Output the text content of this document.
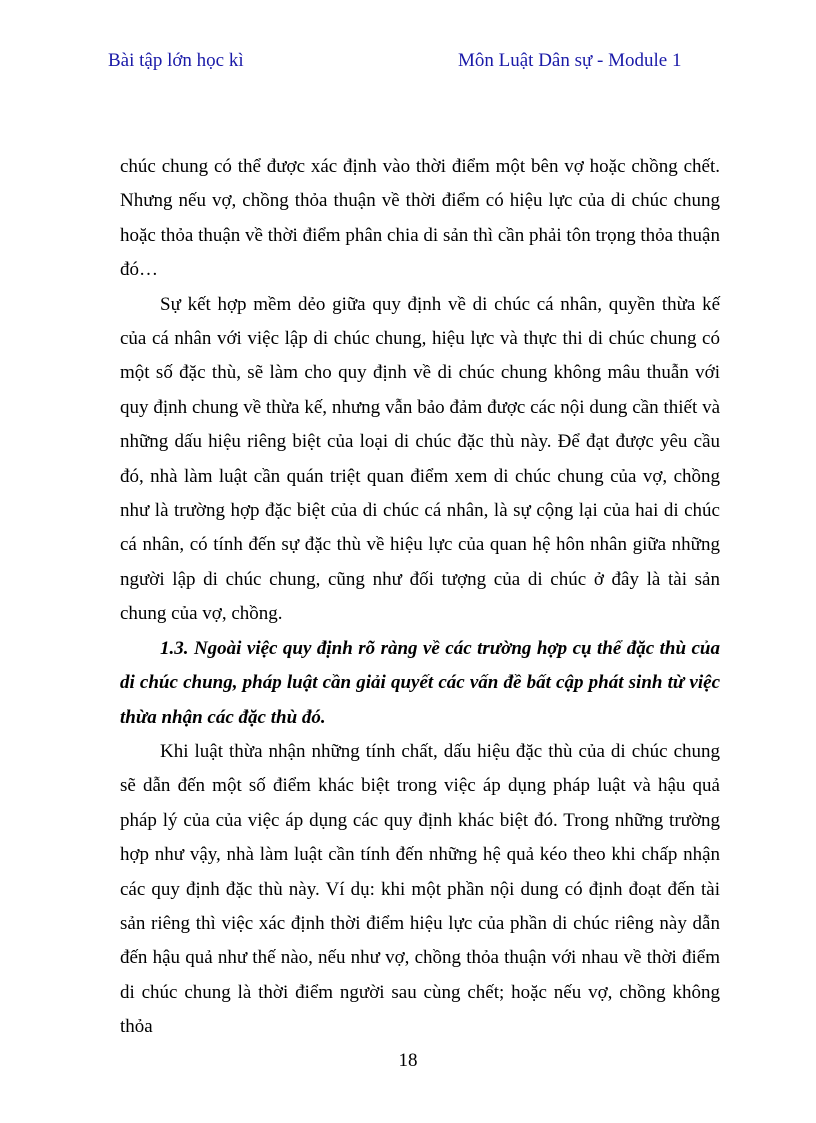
Bài tập lớn học kì	Môn Luật Dân sự - Module 1

chúc chung có thể được xác định vào thời điểm một bên vợ hoặc chồng chết. Nhưng nếu vợ, chồng thỏa thuận về thời điểm có hiệu lực của di chúc chung hoặc thỏa thuận về thời điểm phân chia di sản thì cần phải tôn trọng thỏa thuận đó…

Sự kết hợp mềm dẻo giữa quy định về di chúc cá nhân, quyền thừa kế của cá nhân với việc lập di chúc chung, hiệu lực và thực thi di chúc chung có một số đặc thù, sẽ làm cho quy định về di chúc chung không mâu thuẫn với quy định chung về thừa kế, nhưng vẫn bảo đảm được các nội dung cần thiết và những dấu hiệu riêng biệt của loại di chúc đặc thù này. Để đạt được yêu cầu đó, nhà làm luật cần quán triệt quan điểm xem di chúc chung của vợ, chồng như là trường hợp đặc biệt của di chúc cá nhân, là sự cộng lại của hai di chúc cá nhân, có tính đến sự đặc thù về hiệu lực của quan hệ hôn nhân giữa những người lập di chúc chung, cũng như đối tượng của di chúc ở đây là tài sản chung của vợ, chồng.

1.3. Ngoài việc quy định rõ ràng về các trường hợp cụ thể đặc thù của di chúc chung, pháp luật cần giải quyết các vấn đề bất cập phát sinh từ việc thừa nhận các đặc thù đó.

Khi luật thừa nhận những tính chất, dấu hiệu đặc thù của di chúc chung sẽ dẫn đến một số điểm khác biệt trong việc áp dụng pháp luật và hậu quả pháp lý của của việc áp dụng các quy định khác biệt đó. Trong những trường hợp như vậy, nhà làm luật cần tính đến những hệ quả kéo theo khi chấp nhận các quy định đặc thù này. Ví dụ: khi một phần nội dung có định đoạt đến tài sản riêng thì việc xác định thời điểm hiệu lực của phần di chúc riêng này dẫn đến hậu quả như thế nào, nếu như vợ, chồng thỏa thuận với nhau về thời điểm di chúc chung là thời điểm người sau cùng chết; hoặc nếu vợ, chồng không thỏa

18
